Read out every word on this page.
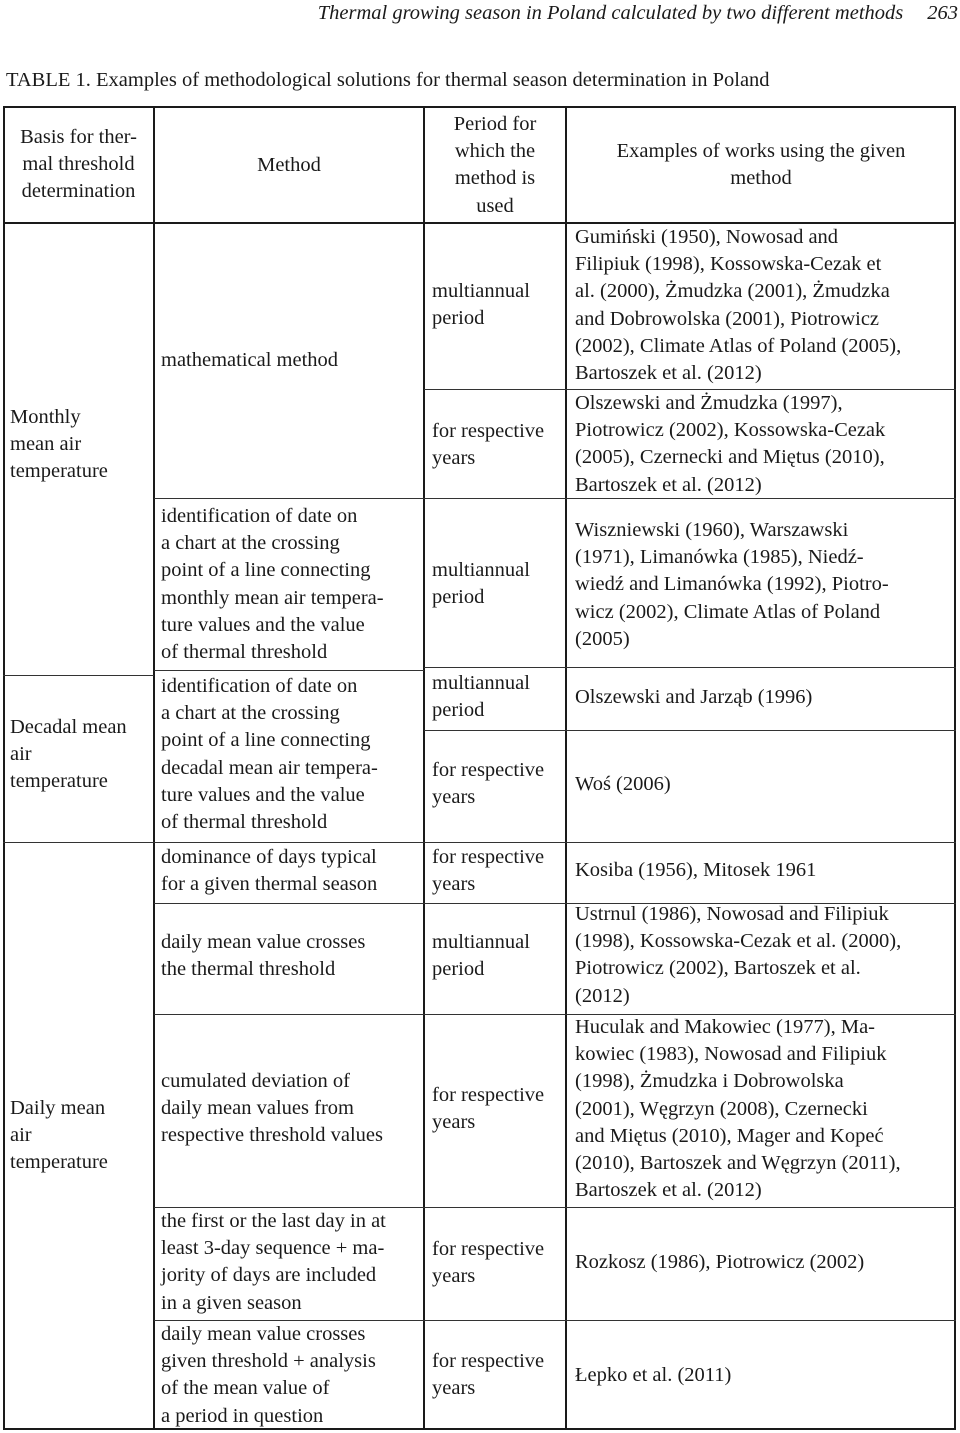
Thermal growing season in Poland calculated by two different methods 263
TABLE 1. Examples of methodological solutions for thermal season determination in Poland
Basis for ther-
mal threshold
determination
Method
Period for
which the
method is
used
Examples of works using the given
method
Monthly
mean air
temperature
Decadal mean
air
temperature
Daily mean
air
temperature
mathematical method
identification of date on
a chart at the crossing
point of a line connecting
monthly mean air tempera-
ture values and the value
of thermal threshold
identification of date on
a chart at the crossing
point of a line connecting
decadal mean air tempera-
ture values and the value
of thermal threshold
dominance of days typical
for a given thermal season
daily mean value crosses
the thermal threshold
cumulated deviation of
daily mean values from
respective threshold values
the first or the last day in at
least 3-day sequence + ma-
jority of days are included
in a given season
daily mean value crosses
given threshold + analysis
of the mean value of
a period in question
multiannual
period
for respective
years
multiannual
period
multiannual
period
for respective
years
for respective
years
multiannual
period
for respective
years
for respective
years
for respective
years
Gumiński (1950), Nowosad and
Filipiuk (1998), Kossowska-Cezak et
al. (2000), Żmudzka (2001), Żmudzka
and Dobrowolska (2001), Piotrowicz
(2002), Climate Atlas of Poland (2005),
Bartoszek et al. (2012)
Olszewski and Żmudzka (1997),
Piotrowicz (2002), Kossowska-Cezak
(2005), Czernecki and Miętus (2010),
Bartoszek et al. (2012)
Wiszniewski (1960), Warszawski
(1971), Limanówka (1985), Niedź-
wiedź and Limanówka (1992), Piotro-
wicz (2002), Climate Atlas of Poland
(2005)
Olszewski and Jarząb (1996)
Woś (2006)
Kosiba (1956), Mitosek 1961
Ustrnul (1986), Nowosad and Filipiuk
(1998), Kossowska-Cezak et al. (2000),
Piotrowicz (2002), Bartoszek et al.
(2012)
Huculak and Makowiec (1977), Ma-
kowiec (1983), Nowosad and Filipiuk
(1998), Żmudzka i Dobrowolska
(2001), Węgrzyn (2008), Czernecki
and Miętus (2010), Mager and Kopeć
(2010), Bartoszek and Węgrzyn (2011),
Bartoszek et al. (2012)
Rozkosz (1986), Piotrowicz (2002)
Łepko et al. (2011)
